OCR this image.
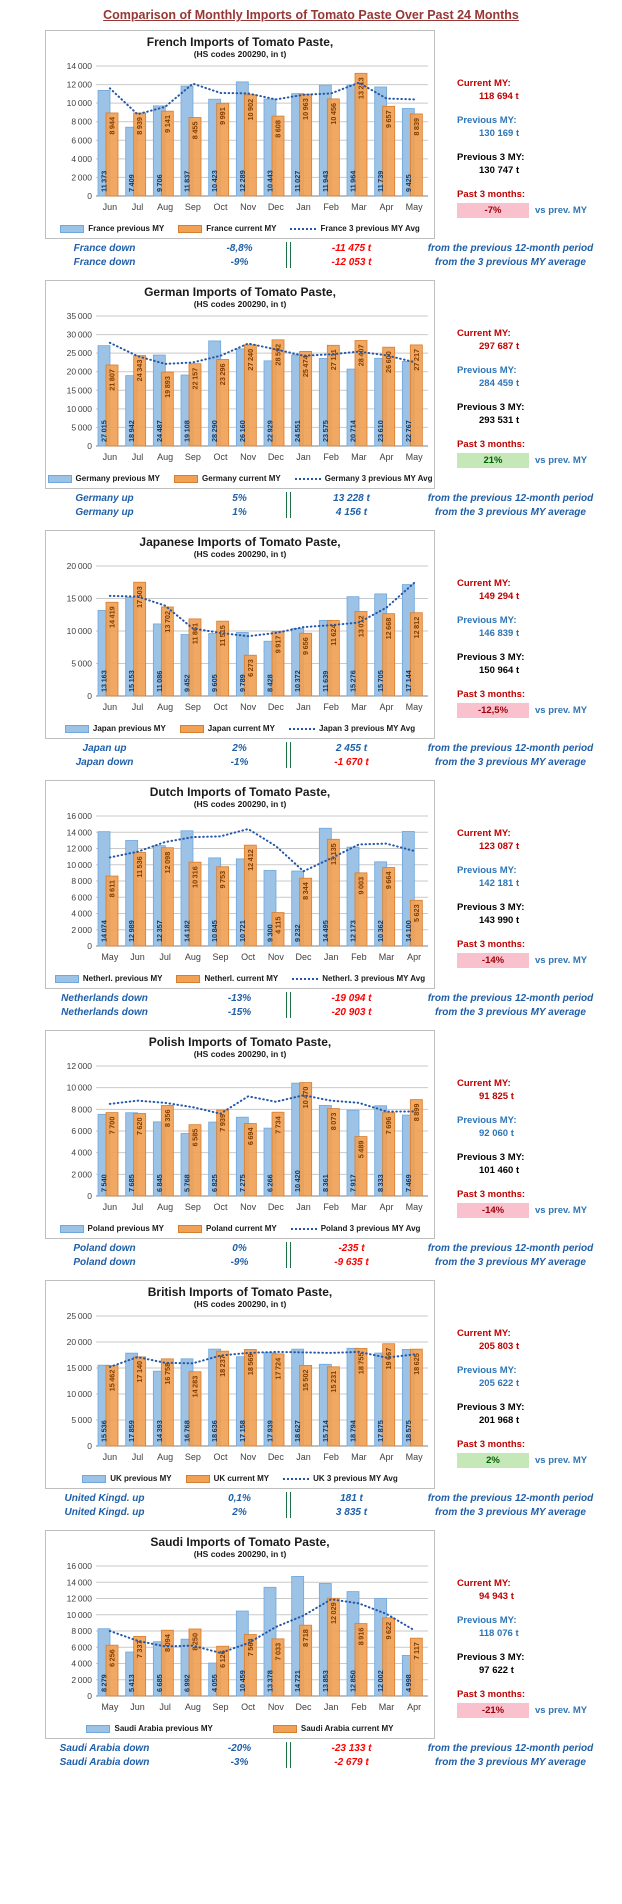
Comparison of Monthly Imports of Tomato Paste Over Past 24 Months
French Imports of Tomato Paste,
(HS codes 200290, in t)
0
2 000
4 000
6 000
8 000
10 000
12 000
14 000
11 373
8 944
Jun
7 409
8 939
Jul
9 706
9 141
Aug
11 837
8 455
Sep
10 423
9 991
Oct
12 289
10 902
Nov
10 443
8 608
Dec
11 027
10 963
Jan
11 943
10 456
Feb
11 964
13 213
Mar
11 739
9 657
Apr
9 425
8 839
May
France previous MY	France current MY	France 3 previous MY Avg
Current MY:
118 694 t
Previous MY:
130 169 t
Previous 3 MY:
130 747 t
Past 3 months:
-7%	vs prev. MY
France down	-8,8%	-11 475 t	from the previous 12-month period
France down	-9%	-12 053 t	from the 3 previous MY average
German Imports of Tomato Paste,
(HS codes 200290, in t)
0
5 000
10 000
15 000
20 000
25 000
30 000
35 000
27 015
21 807
Jun
18 942
24 343
Jul
24 487
19 893
Aug
19 108
22 157
Sep
28 290
23 296
Oct
26 160
27 240
Nov
22 929
28 592
Dec
24 551
25 474
Jan
23 575
27 111
Feb
20 714
28 407
Mar
23 610
26 600
Apr
22 767
27 217
May
Germany previous MY	Germany current MY	Germany 3 previous MY Avg
Current MY:
297 687 t
Previous MY:
284 459 t
Previous 3 MY:
293 531 t
Past 3 months:
21%	vs prev. MY
Germany up	5%	13 228 t	from the previous 12-month period
Germany up	1%	4 156 t	from the 3 previous MY average
Japanese Imports of Tomato Paste,
(HS codes 200290, in t)
0
5 000
10 000
15 000
20 000
13 163
14 419
Jun
15 153
17 503
Jul
11 086
13 702
Aug
9 452
11 861
Sep
9 605
11 515
Oct
9 789
6 273
Nov
8 428
9 917
Dec
10 372
9 656
Jan
11 639
11 624
Feb
15 276
13 012
Mar
15 705
12 668
Apr
17 144
12 812
May
Japan previous MY	Japan current MY	Japan 3 previous MY Avg
Current MY:
149 294 t
Previous MY:
146 839 t
Previous 3 MY:
150 964 t
Past 3 months:
-12,5%	vs prev. MY
Japan up	2%	2 455 t	from the previous 12-month period
Japan down	-1%	-1 670 t	from the 3 previous MY average
Dutch Imports of Tomato Paste,
(HS codes 200290, in t)
0
2 000
4 000
6 000
8 000
10 000
12 000
14 000
16 000
14 074
8 611
May
12 989
11 536
Jun
12 357
12 098
Jul
14 182
10 316
Aug
10 845
9 753
Sep
10 721
12 412
Oct
9 300 4 115
Nov
9 232
8 344
Dec
14 495
13 135
Jan
12 173
9 003
Feb
10 362
9 664
Mar
14 100
5 623
Apr
Netherl. previous MY	Netherl. current MY	Netherl. 3 previous MY Avg
Current MY:
123 087 t
Previous MY:
142 181 t
Previous 3 MY:
143 990 t
Past 3 months:
-14%	vs prev. MY
Netherlands down	-13%	-19 094 t	from the previous 12-month period
Netherlands down	-15%	-20 903 t	from the 3 previous MY average
Polish Imports of Tomato Paste,
(HS codes 200290, in t)
0
2 000
4 000
6 000
8 000
10 000
12 000
7 540
7 700
Jun
7 685
7 620
Jul
6 845
8 356
Aug
5 768
6 585
Sep
6 825
7 939
Oct
7 275
6 694
Nov
6 266
7 734
Dec
10 420
10 470
Jan
8 361
8 073
Feb
7 917
5 489
Mar
8 333
7 696
Apr
7 469
8 899
May
Poland previous MY	Poland current MY	Poland 3 previous MY Avg
Current MY:
91 825 t
Previous MY:
92 060 t
Previous 3 MY:
101 460 t
Past 3 months:
-14%	vs prev. MY
Poland down	0%	-235 t	from the previous 12-month period
Poland down	-9%	-9 635 t	from the 3 previous MY average
British Imports of Tomato Paste,
(HS codes 200290, in t)
0
5 000
10 000
15 000
20 000
25 000
15 536
15 462
Jun
17 859
17 140
Jul
14 393
16 758
Aug
16 768
14 283
Sep
18 636
18 237
Oct
17 158
18 569
Nov
17 939
17 724
Dec
18 627
15 502
Jan
15 714
15 231
Feb
18 794
18 755
Mar
17 875
19 667
Apr
18 575
18 625
May
UK previous MY	UK current MY	UK 3 previous MY Avg
Current MY:
205 803 t
Previous MY:
205 622 t
Previous 3 MY:
201 968 t
Past 3 months:
2%	vs prev. MY
United Kingd. up	0,1%	181 t	from the previous 12-month period
United Kingd. up	2%	3 835 t	from the 3 previous MY average
Saudi Imports of Tomato Paste,
(HS codes 200290, in t)
0
2 000
4 000
6 000
8 000
10 000
12 000
14 000
16 000
8 279
6 256
May
5 413
7 337
Jun
6 685
8 094
Jul
6 992
8 250
Aug
4 055
6 126
Sep
10 459
7 564
Oct
13 378
7 033
Nov
14 721
8 718
Dec
13 853
12 029
Jan
12 850
8 916
Feb
12 002
9 622
Mar
4 998
7 117
Apr
Saudi Arabia previous MY	Saudi Arabia current MY
Current MY:
94 943 t
Previous MY:
118 076 t
Previous 3 MY:
97 622 t
Past 3 months:
-21%	vs prev. MY
Saudi Arabia down	-20%	-23 133 t	from the previous 12-month period
Saudi Arabia down	-3%	-2 679 t	from the 3 previous MY average
